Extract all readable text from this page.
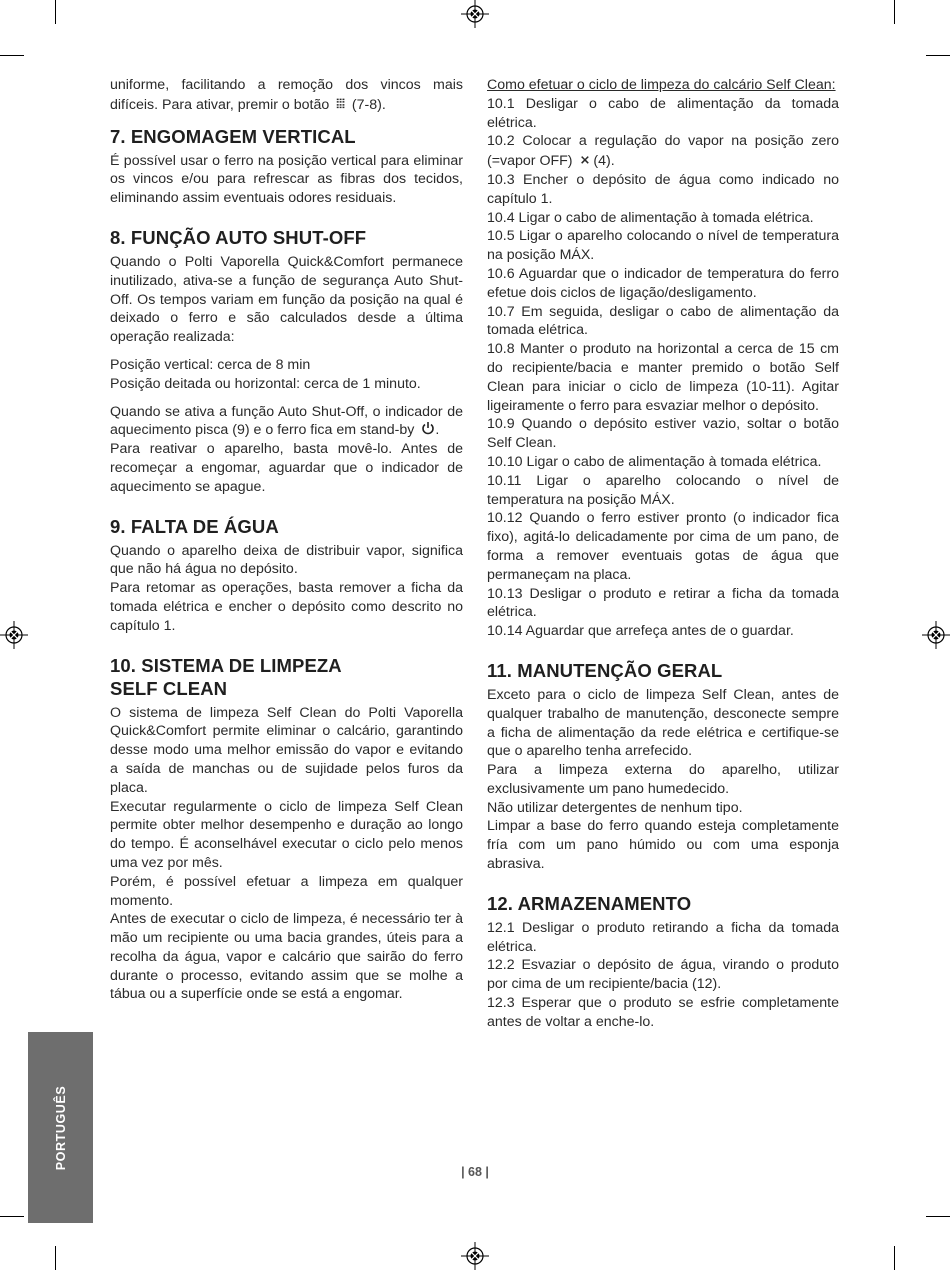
uniforme, facilitando a remoção dos vincos mais difíceis. Para ativar, premir o botão ⦙⦙⦙ (7-8).

7. ENGOMAGEM VERTICAL

É possível usar o ferro na posição vertical para eliminar os vincos e/ou para refrescar as fibras dos tecidos, eliminando assim eventuais odores residuais.

8. FUNÇÃO AUTO SHUT-OFF

Quando o Polti Vaporella Quick&Comfort permanece inutilizado, ativa-se a função de segurança Auto Shut-Off. Os tempos variam em função da posição na qual é deixado o ferro e são calculados desde a última operação realizada:

Posição vertical: cerca de 8 min

Posição deitada ou horizontal: cerca de 1 minuto.

Quando se ativa a função Auto Shut-Off, o indicador de aquecimento pisca (9) e o ferro fica em stand-by .

Para reativar o aparelho, basta movê-lo. Antes de recomeçar a engomar, aguardar que o indicador de aquecimento se apague.

9. FALTA DE ÁGUA

Quando o aparelho deixa de distribuir vapor, significa que não há água no depósito.

Para retomar as operações, basta remover a ficha da tomada elétrica e encher o depósito como descrito no capítulo 1.

10. SISTEMA DE LIMPEZA
SELF CLEAN

O sistema de limpeza Self Clean do Polti Vaporella Quick&Comfort permite eliminar o calcário, garantindo desse modo uma melhor emissão do vapor e evitando a saída de manchas ou de sujidade pelos furos da placa.

Executar regularmente o ciclo de limpeza Self Clean permite obter melhor desempenho e duração ao longo do tempo. É aconselhável executar o ciclo pelo menos uma vez por mês.

Porém, é possível efetuar a limpeza em qualquer momento.

Antes de executar o ciclo de limpeza, é necessário ter à mão um recipiente ou uma bacia grandes, úteis para a recolha da água, vapor e calcário que sairão do ferro durante o processo, evitando assim que se molhe a tábua ou a superfície onde se está a engomar.

Como efetuar o ciclo de limpeza do calcário Self Clean:

10.1 Desligar o cabo de alimentação da tomada elétrica.

10.2 Colocar a regulação do vapor na posição zero (=vapor OFF) ⨯ (4).

10.3 Encher o depósito de água como indicado no capítulo 1.

10.4 Ligar o cabo de alimentação à tomada elétrica.

10.5 Ligar o aparelho colocando o nível de temperatura na posição MÁX.

10.6 Aguardar que o indicador de temperatura do ferro efetue dois ciclos de ligação/desligamento.

10.7 Em seguida, desligar o cabo de alimentação da tomada elétrica.

10.8 Manter o produto na horizontal a cerca de 15 cm do recipiente/bacia e manter premido o botão Self Clean para iniciar o ciclo de limpeza (10-11). Agitar ligeiramente o ferro para esvaziar melhor o depósito.

10.9 Quando o depósito estiver vazio, soltar o botão Self Clean.

10.10 Ligar o cabo de alimentação à tomada elétrica.

10.11 Ligar o aparelho colocando o nível de temperatura na posição MÁX.

10.12 Quando o ferro estiver pronto (o indicador fica fixo), agitá-lo delicadamente por cima de um pano, de forma a remover eventuais gotas de água que permaneçam na placa.

10.13 Desligar o produto e retirar a ficha da tomada elétrica.

10.14 Aguardar que arrefeça antes de o guardar.

11. MANUTENÇÃO GERAL

Exceto para o ciclo de limpeza Self Clean, antes de qualquer trabalho de manutenção, desconecte sempre a ficha de alimentação da rede elétrica e certifique-se que o aparelho tenha arrefecido.

Para a limpeza externa do aparelho, utilizar exclusivamente um pano humedecido.

Não utilizar detergentes de nenhum tipo.

Limpar a base do ferro quando esteja completamente fría com um pano húmido ou com uma esponja abrasiva.

12. ARMAZENAMENTO

12.1 Desligar o produto retirando a ficha da tomada elétrica.

12.2 Esvaziar o depósito de água, virando o produto por cima de um recipiente/bacia (12).

12.3 Esperar que o produto se esfrie completamente antes de voltar a enche-lo.

PORTUGUÊS
| 68 |
